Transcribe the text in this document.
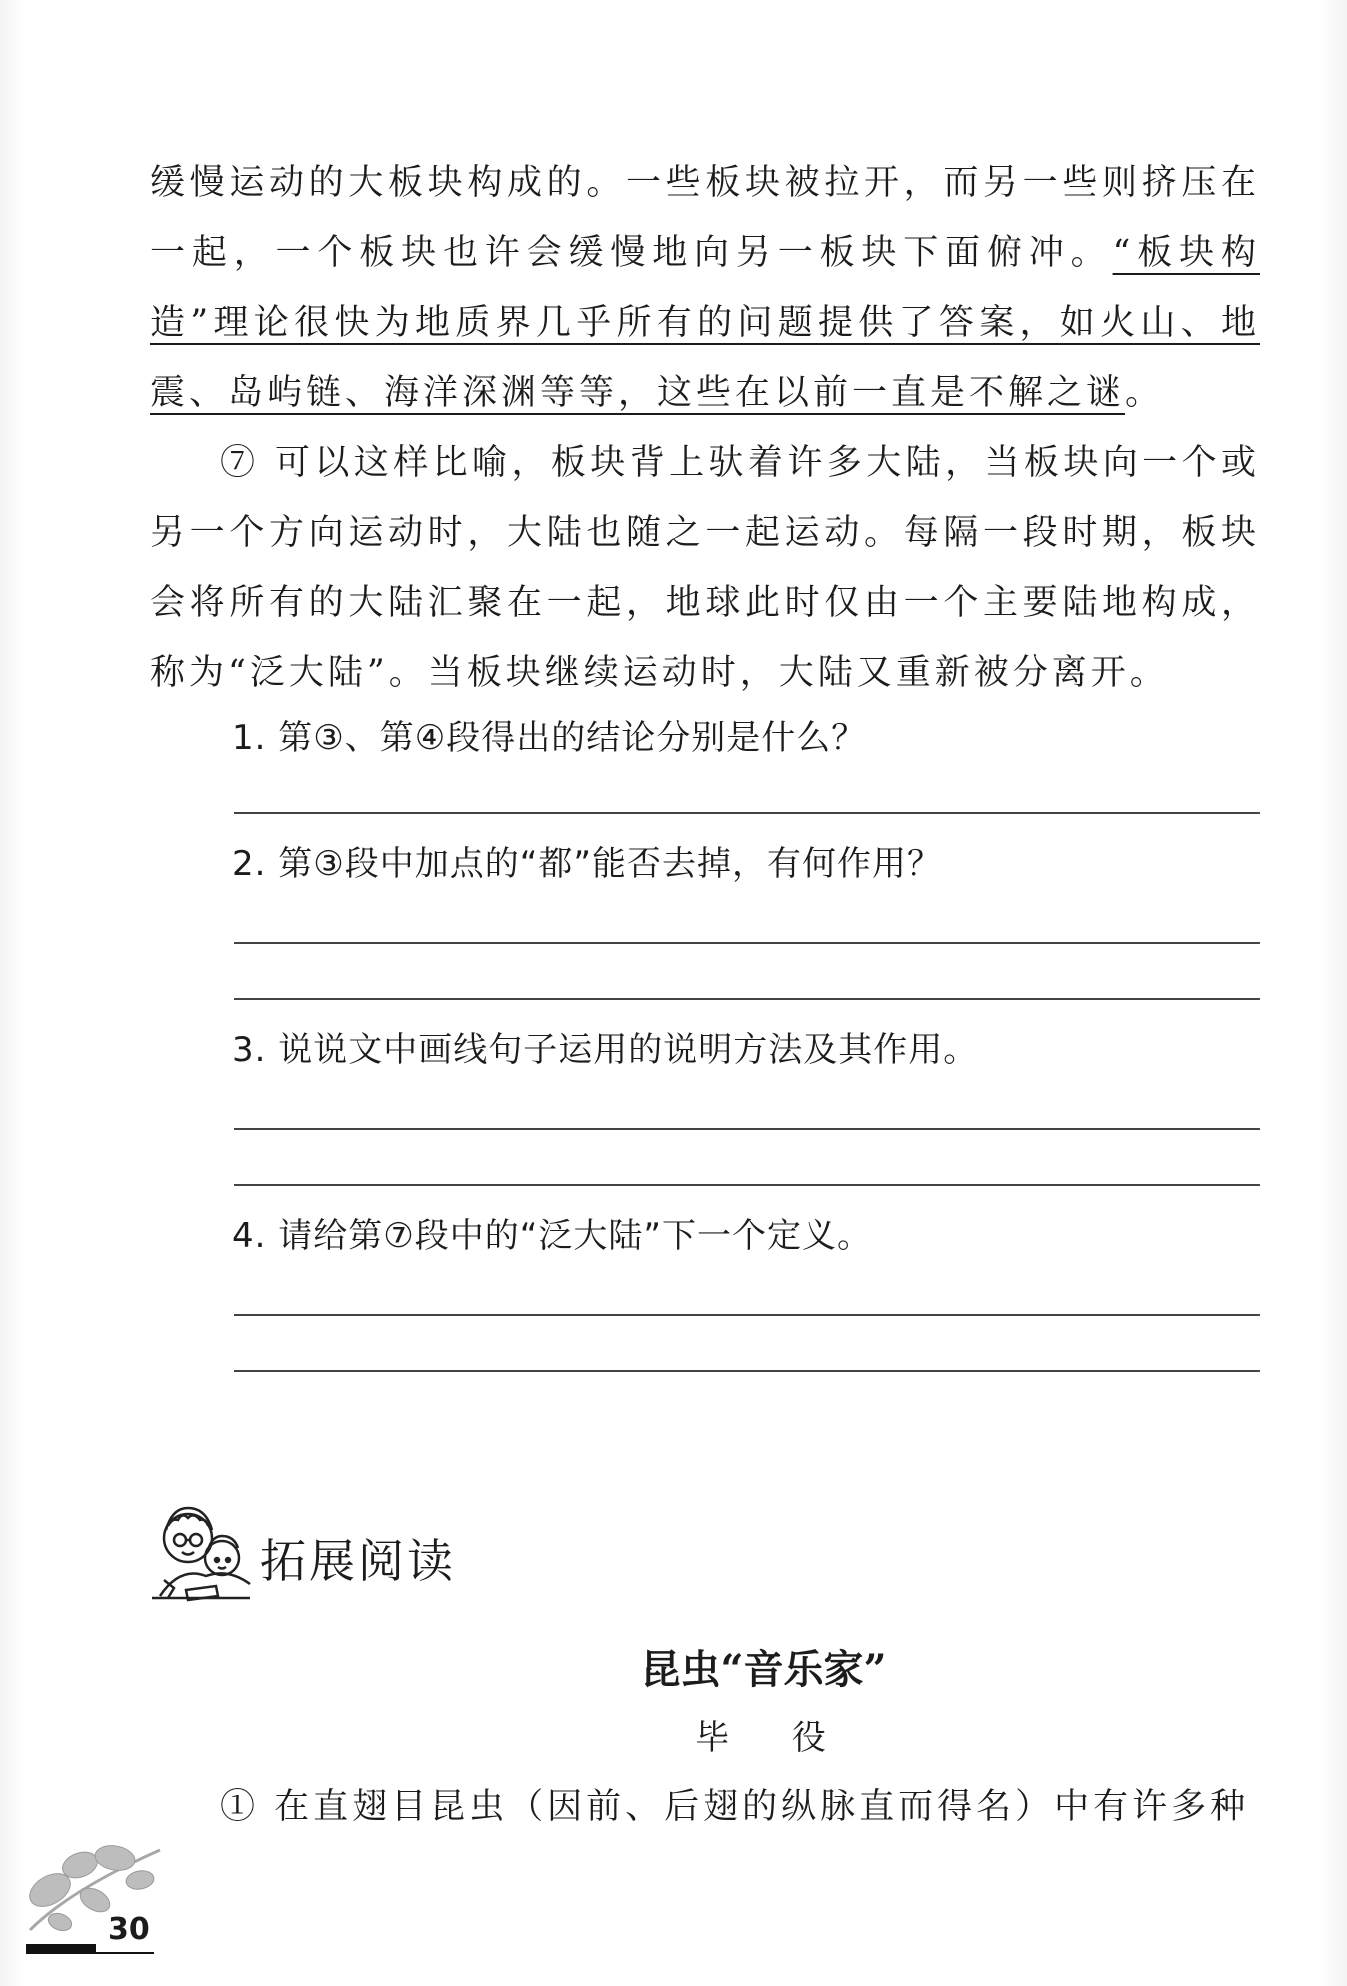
缓慢运动的大板块构成的。一些板块被拉开，而另一些则挤压在一起，一个板块也许会缓慢地向另一板块下面俯冲。“板块构造”理论很快为地质界几乎所有的问题提供了答案，如火山、地震、岛屿链、海洋深渊等等，这些在以前一直是不解之谜。

⑦ 可以这样比喻，板块背上驮着许多大陆，当板块向一个或另一个方向运动时，大陆也随之一起运动。每隔一段时期，板块会将所有的大陆汇聚在一起，地球此时仅由一个主要陆地构成，称为“泛大陆”。当板块继续运动时，大陆又重新被分离开。

1. 第③、第④段得出的结论分别是什么？

2. 第③段中加点的“都”能否去掉，有何作用？

3. 说说文中画线句子运用的说明方法及其作用。

4. 请给第⑦段中的“泛大陆”下一个定义。

拓展阅读
昆虫“音乐家”
毕 役

① 在直翅目昆虫（因前、后翅的纵脉直而得名）中有许多种

30
